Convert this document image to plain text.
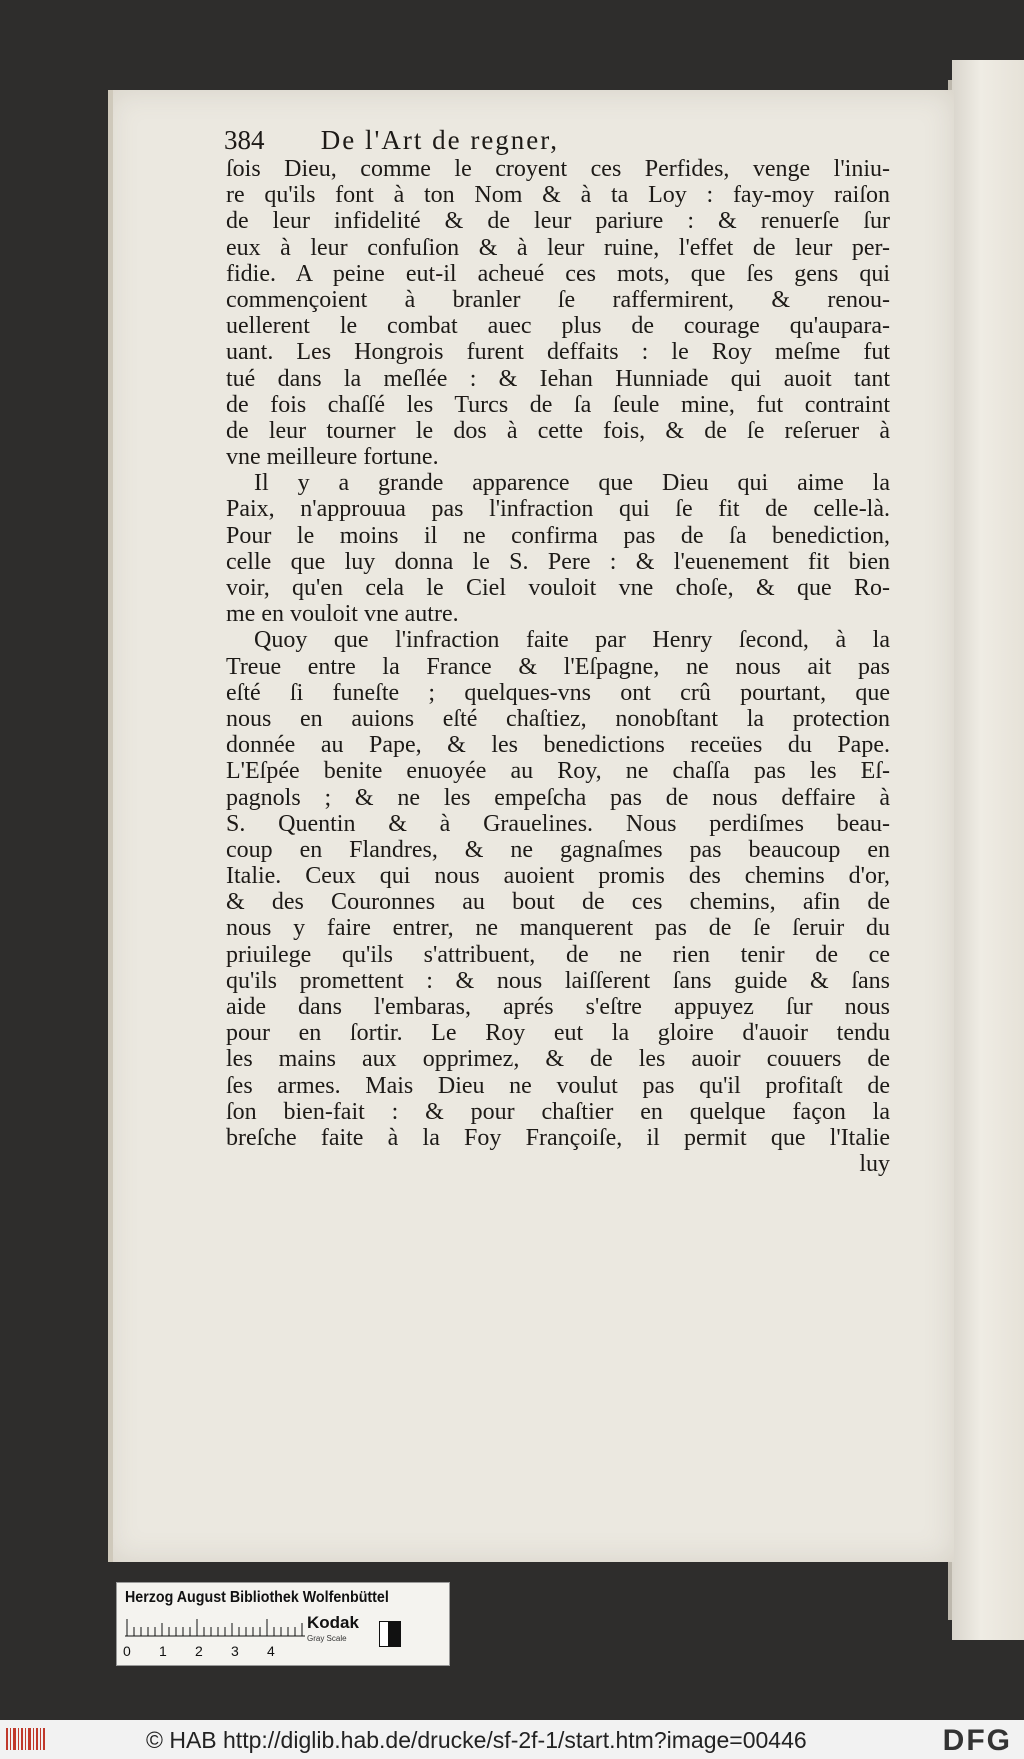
384 De l'Art de regner,
ſois Dieu, comme le croyent ces Perfides, venge l'iniu-
re qu'ils font à ton Nom & à ta Loy : fay-moy raiſon
de leur infidelité & de leur pariure : & renuerſe ſur
eux à leur confuſion & à leur ruine, l'effet de leur per-
fidie. A peine eut-il acheué ces mots, que ſes gens qui
commençoient à branler ſe raffermirent, & renou-
uellerent le combat auec plus de courage qu'aupara-
uant. Les Hongrois furent deffaits : le Roy meſme fut
tué dans la meſlée : & Iehan Hunniade qui auoit tant
de fois chaſſé les Turcs de ſa ſeule mine, fut contraint
de leur tourner le dos à cette fois, & de ſe reſeruer à
vne meilleure fortune.
Il y a grande apparence que Dieu qui aime la
Paix, n'approuua pas l'infraction qui ſe fit de celle-là.
Pour le moins il ne confirma pas de ſa benediction,
celle que luy donna le S. Pere : & l'euenement fit bien
voir, qu'en cela le Ciel vouloit vne choſe, & que Ro-
me en vouloit vne autre.
Quoy que l'infraction faite par Henry ſecond, à la
Treue entre la France & l'Eſpagne, ne nous ait pas
eſté ſi funeſte ; quelques-vns ont crû pourtant, que
nous en auions eſté chaſtiez, nonobſtant la protection
donnée au Pape, & les benedictions receües du Pape.
L'Eſpée benite enuoyée au Roy, ne chaſſa pas les Eſ-
pagnols ; & ne les empeſcha pas de nous deffaire à
S. Quentin & à Grauelines. Nous perdiſmes beau-
coup en Flandres, & ne gagnaſmes pas beaucoup en
Italie. Ceux qui nous auoient promis des chemins d'or,
& des Couronnes au bout de ces chemins, afin de
nous y faire entrer, ne manquerent pas de ſe ſeruir du
priuilege qu'ils s'attribuent, de ne rien tenir de ce
qu'ils promettent : & nous laiſſerent ſans guide & ſans
aide dans l'embaras, aprés s'eſtre appuyez ſur nous
pour en ſortir. Le Roy eut la gloire d'auoir tendu
les mains aux opprimez, & de les auoir couuers de
ſes armes. Mais Dieu ne voulut pas qu'il profitaſt de
ſon bien-fait : & pour chaſtier en quelque façon la
breſche faite à la Foy Françoiſe, il permit que l'Italie
luy
Herzog August Bibliothek Wolfenbüttel
0 1 2 3 4
Kodak
Gray Scale
© HAB http://diglib.hab.de/drucke/sf-2f-1/start.htm?image=00446	DFG
